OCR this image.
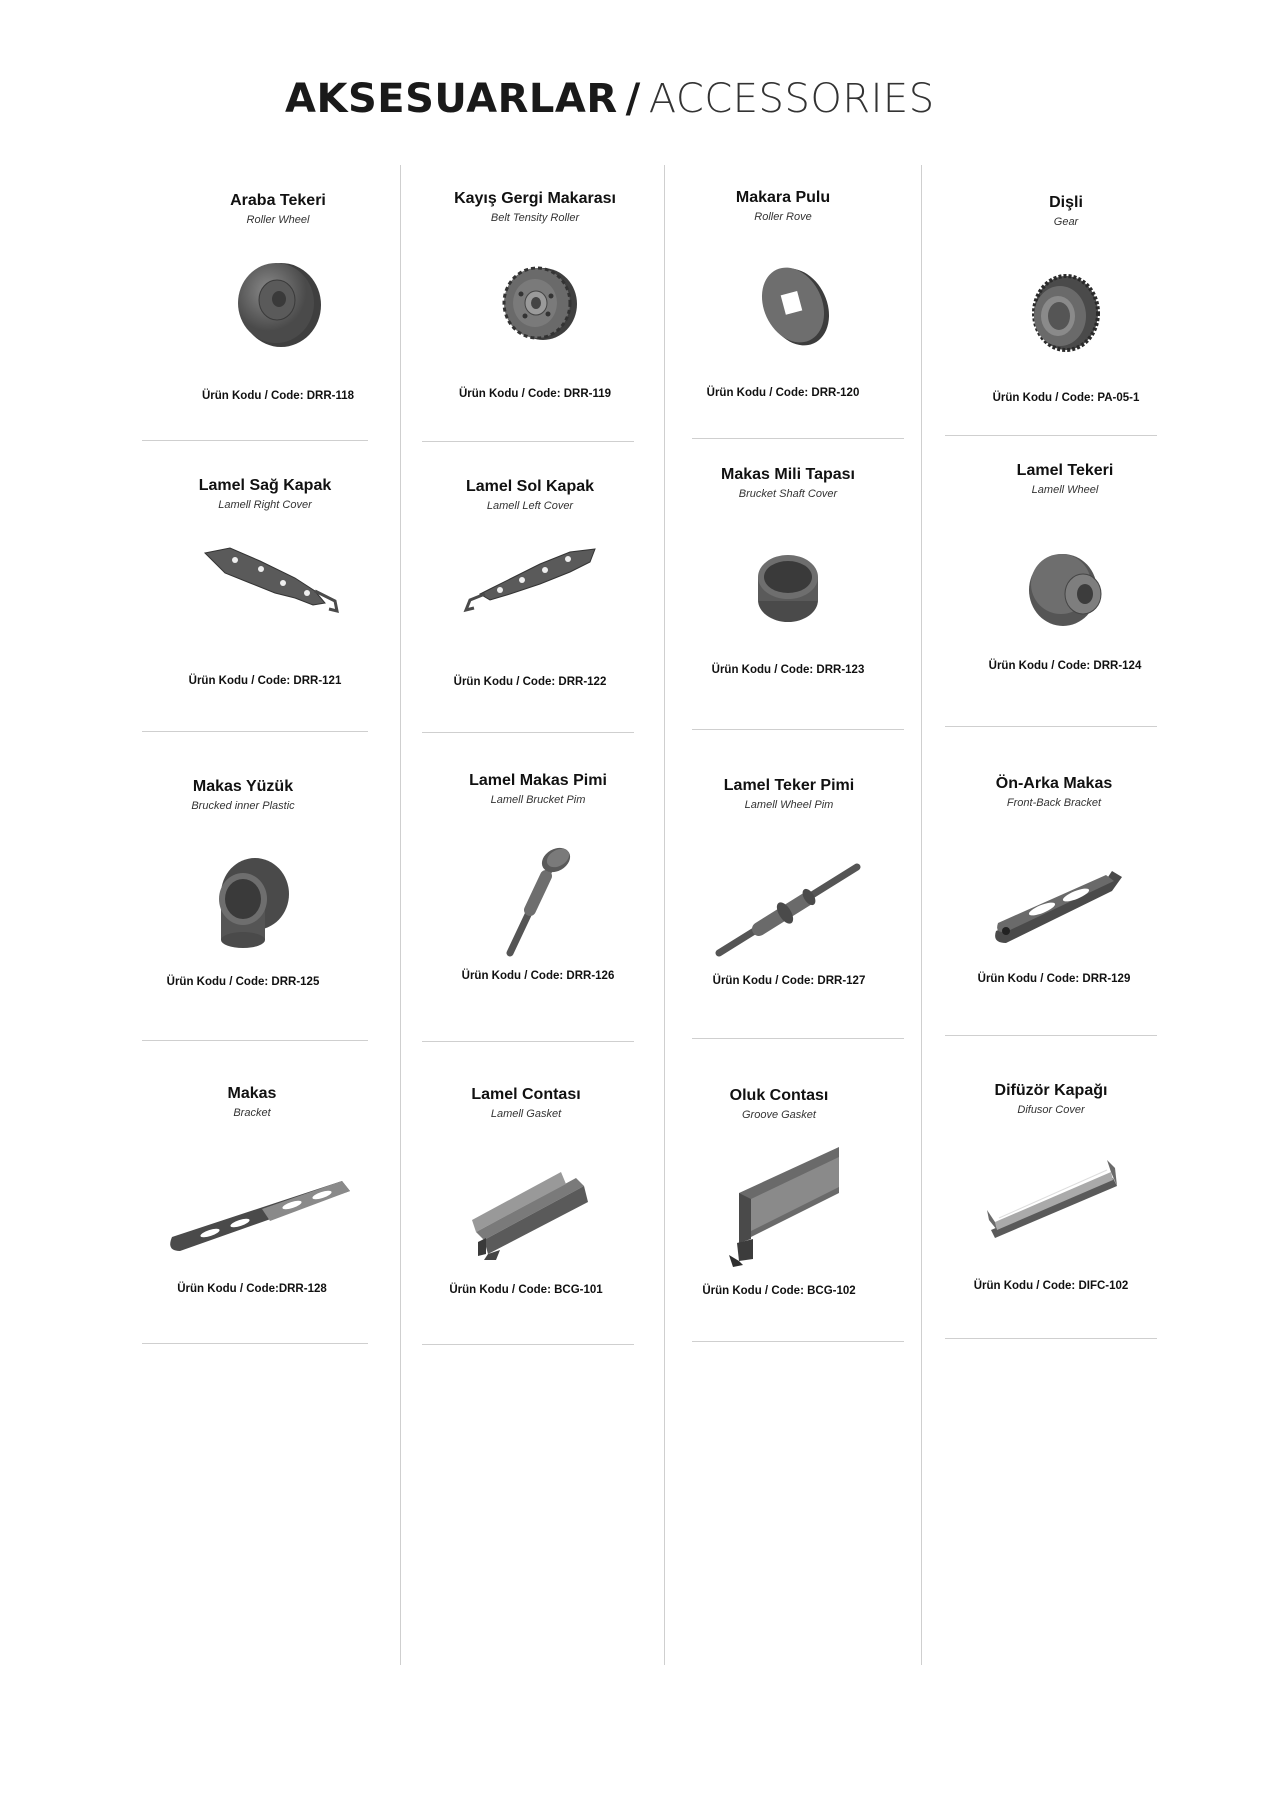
AKSESUARLAR / ACCESSORIES
Araba Tekeri
Roller Wheel
Ürün Kodu / Code: DRR-118
Kayış Gergi Makarası
Belt Tensity Roller
Ürün Kodu / Code: DRR-119
Makara Pulu
Roller Rove
Ürün Kodu / Code: DRR-120
Dişli
Gear
Ürün Kodu / Code: PA-05-1
Lamel Sağ Kapak
Lamell Right Cover
Ürün Kodu / Code: DRR-121
Lamel Sol Kapak
Lamell Left Cover
Ürün Kodu / Code: DRR-122
Makas Mili Tapası
Brucket Shaft Cover
Ürün Kodu / Code: DRR-123
Lamel Tekeri
Lamell Wheel
Ürün Kodu / Code: DRR-124
Makas Yüzük
Brucked inner Plastic
Ürün Kodu / Code: DRR-125
Lamel Makas Pimi
Lamell Brucket Pim
Ürün Kodu / Code: DRR-126
Lamel Teker Pimi
Lamell Wheel Pim
Ürün Kodu / Code: DRR-127
Ön-Arka Makas
Front-Back Bracket
Ürün Kodu / Code: DRR-129
Makas
Bracket
Ürün Kodu / Code:DRR-128
Lamel Contası
Lamell Gasket
Ürün Kodu / Code: BCG-101
Oluk Contası
Groove Gasket
Ürün Kodu / Code: BCG-102
Difüzör Kapağı
Difusor Cover
Ürün Kodu / Code: DIFC-102
